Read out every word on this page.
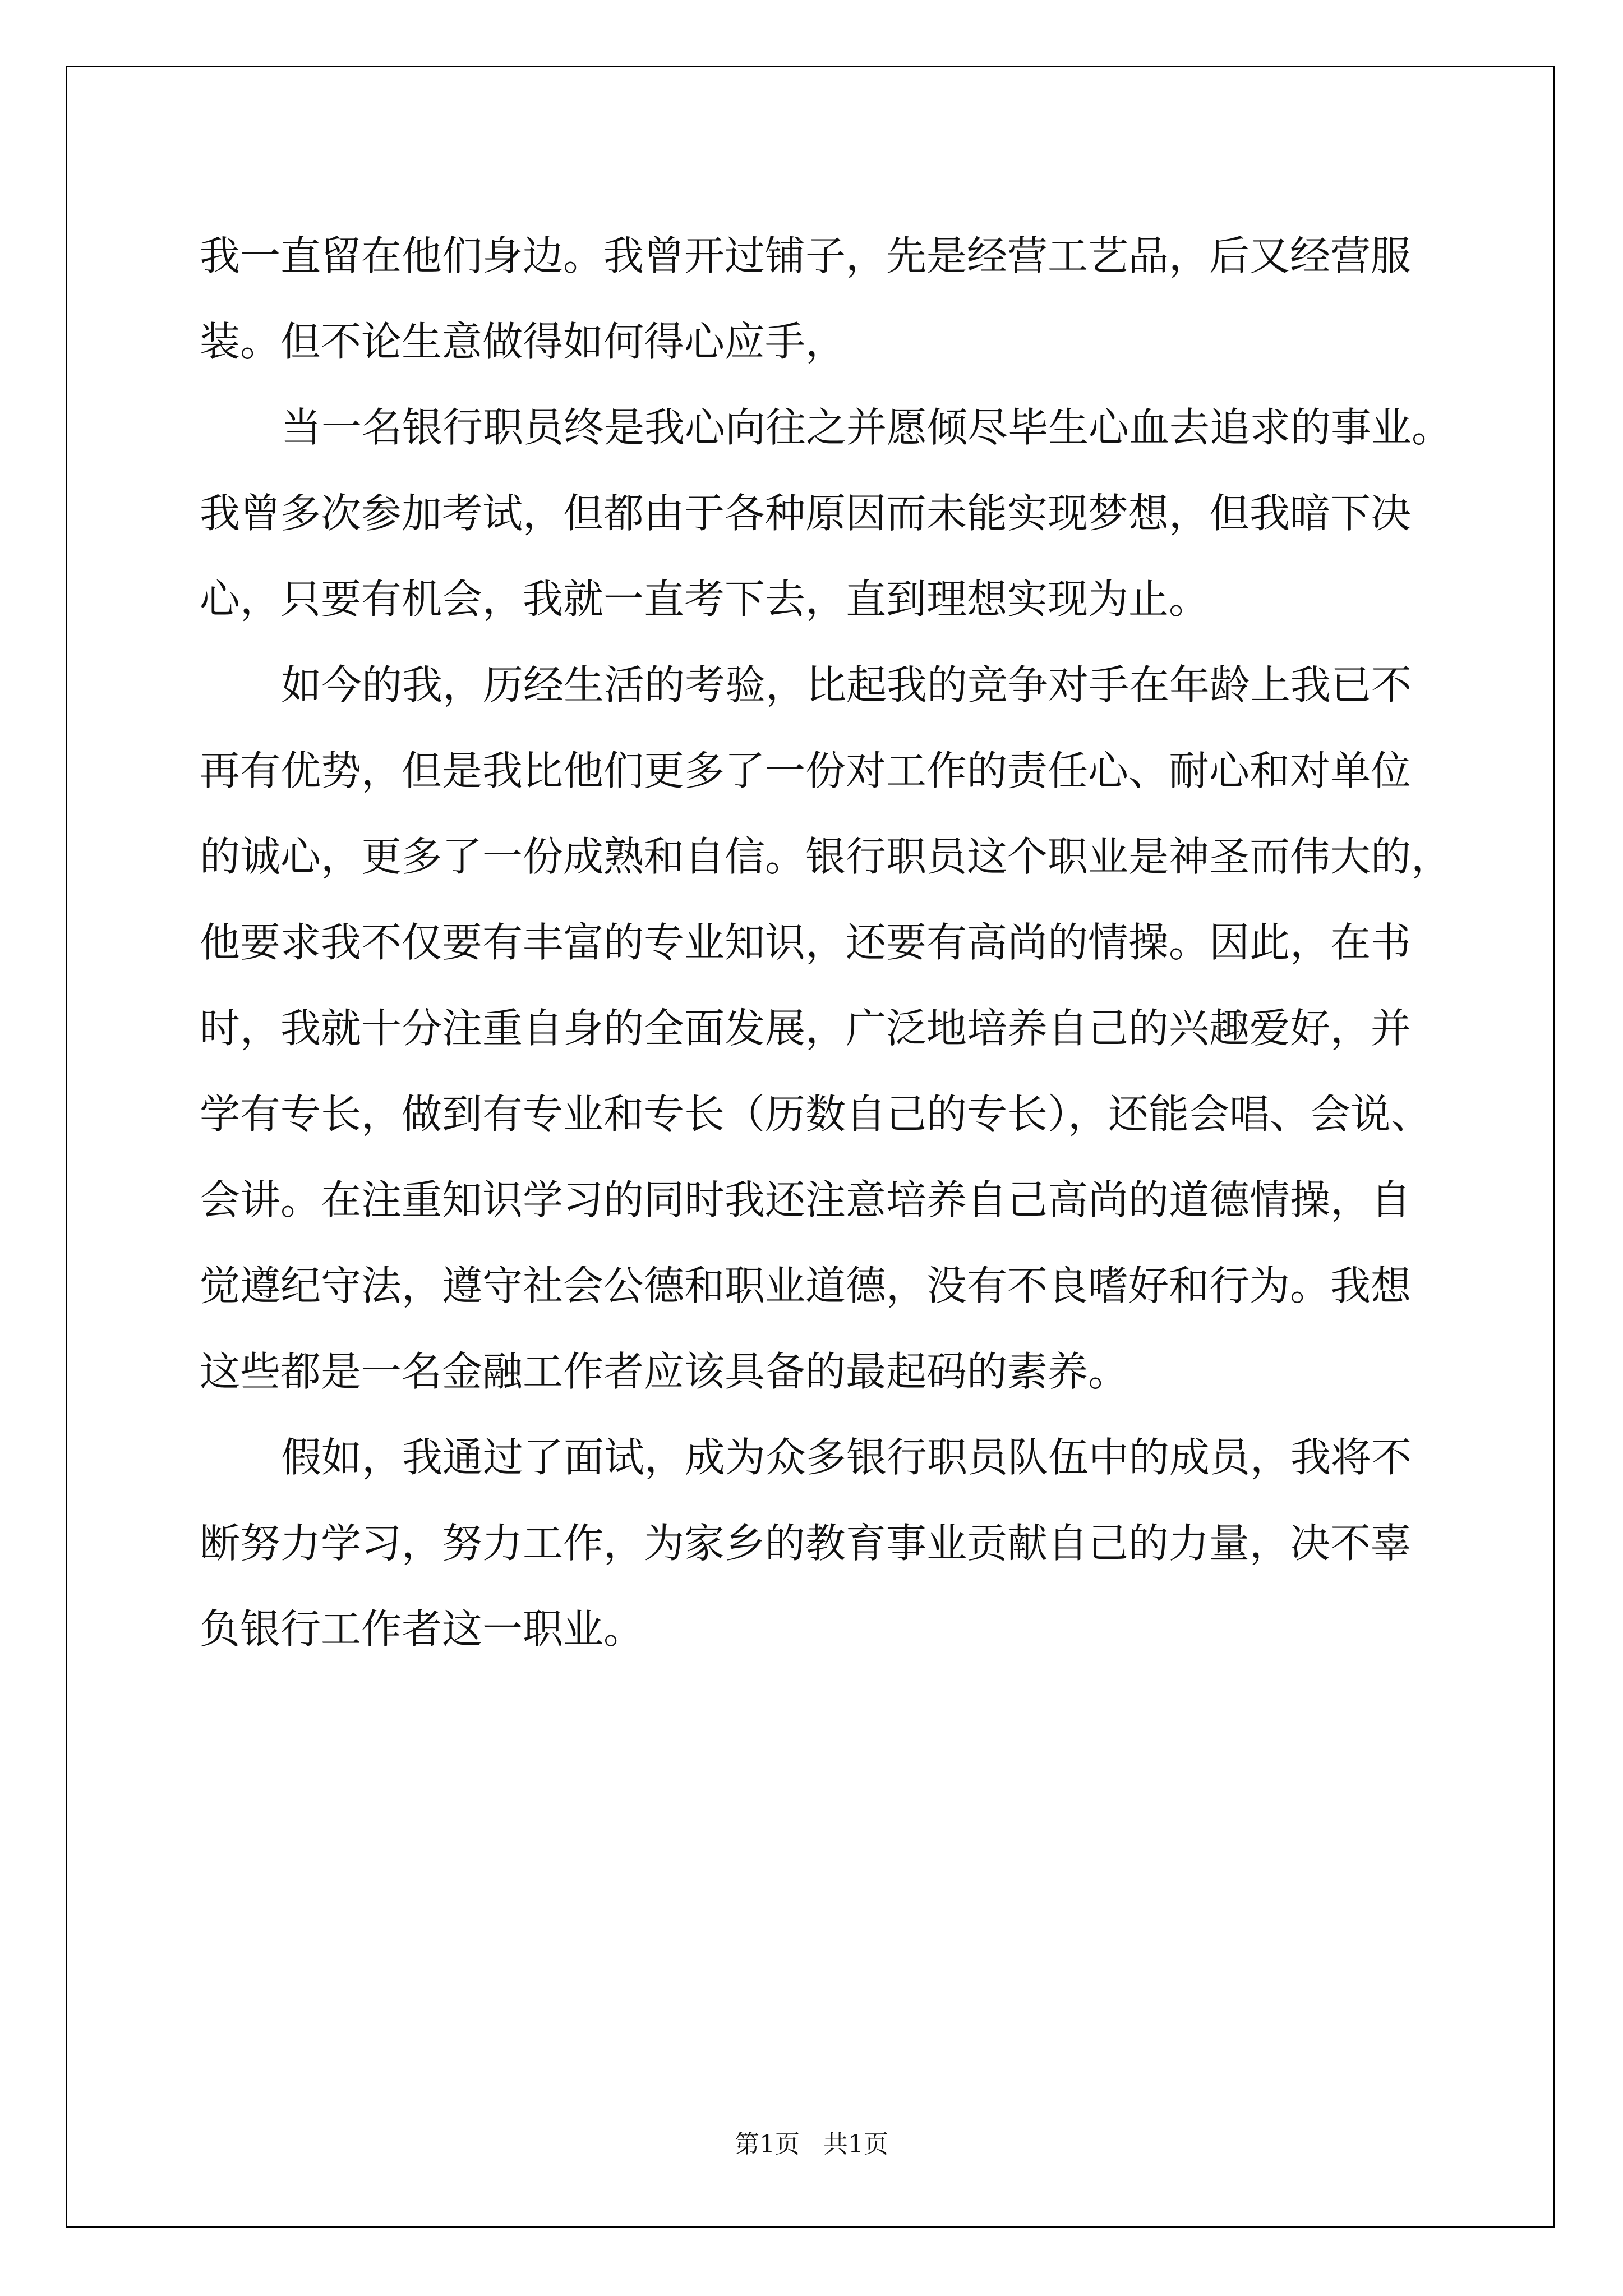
我一直留在他们身边。我曾开过铺子，先是经营工艺品，后又经营服
装。但不论生意做得如何得心应手，
当一名银行职员终是我心向往之并愿倾尽毕生心血去追求的事业。
我曾多次参加考试，但都由于各种原因而未能实现梦想，但我暗下决
心，只要有机会，我就一直考下去，直到理想实现为止。
如今的我，历经生活的考验，比起我的竞争对手在年龄上我已不
再有优势，但是我比他们更多了一份对工作的责任心、耐心和对单位
的诚心，更多了一份成熟和自信。银行职员这个职业是神圣而伟大的，
他要求我不仅要有丰富的专业知识，还要有高尚的情操。因此，在书
时，我就十分注重自身的全面发展，广泛地培养自己的兴趣爱好，并
学有专长，做到有专业和专长（历数自己的专长），还能会唱、会说、
会讲。在注重知识学习的同时我还注意培养自己高尚的道德情操，自
觉遵纪守法，遵守社会公德和职业道德，没有不良嗜好和行为。我想
这些都是一名金融工作者应该具备的最起码的素养。
假如，我通过了面试，成为众多银行职员队伍中的成员，我将不
断努力学习，努力工作，为家乡的教育事业贡献自己的力量，决不辜
负银行工作者这一职业。
第1页   共1页
